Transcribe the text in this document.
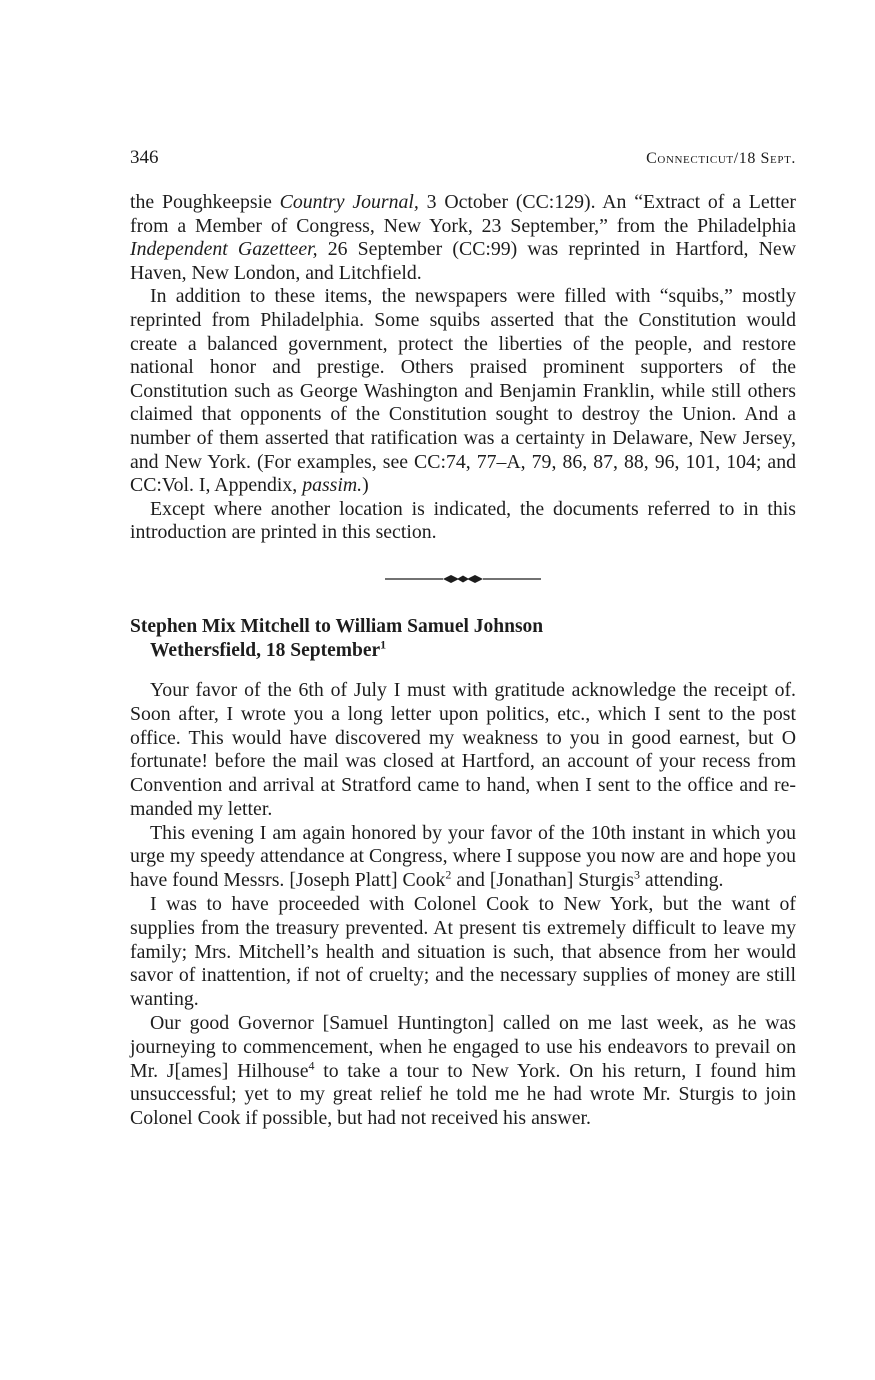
346	Connecticut/18 Sept.

the Poughkeepsie Country Journal, 3 October (CC:129). An “Extract of a Letter from a Member of Congress, New York, 23 September,” from the Philadelphia Independent Gazetteer, 26 September (CC:99) was reprinted in Hartford, New Haven, New London, and Litchfield.

In addition to these items, the newspapers were filled with “squibs,” mostly reprinted from Philadelphia. Some squibs asserted that the Constitution would create a balanced government, protect the liberties of the people, and restore national honor and prestige. Others praised prominent supporters of the Constitution such as George Washington and Benjamin Franklin, while still others claimed that opponents of the Constitution sought to destroy the Union. And a number of them asserted that ratification was a certainty in Delaware, New Jersey, and New York. (For examples, see CC:74, 77–A, 79, 86, 87, 88, 96, 101, 104; and CC:Vol. I, Appendix, passim.)

Except where another location is indicated, the documents referred to in this introduction are printed in this section.

Stephen Mix Mitchell to William Samuel Johnson
Wethersfield, 18 September$^1$

Your favor of the 6th of July I must with gratitude acknowledge the receipt of. Soon after, I wrote you a long letter upon politics, etc., which I sent to the post office. This would have discovered my weakness to you in good earnest, but O fortunate! before the mail was closed at Hartford, an account of your recess from Convention and arrival at Stratford came to hand, when I sent to the office and remanded my letter.

This evening I am again honored by your favor of the 10th instant in which you urge my speedy attendance at Congress, where I suppose you now are and hope you have found Messrs. [Joseph Platt] Cook$^2$ and [Jonathan] Sturgis$^3$ attending.

I was to have proceeded with Colonel Cook to New York, but the want of supplies from the treasury prevented. At present tis extremely difficult to leave my family; Mrs. Mitchell’s health and situation is such, that absence from her would savor of inattention, if not of cruelty; and the necessary supplies of money are still wanting.

Our good Governor [Samuel Huntington] called on me last week, as he was journeying to commencement, when he engaged to use his endeavors to prevail on Mr. J[ames] Hilhouse$^4$ to take a tour to New York. On his return, I found him unsuccessful; yet to my great relief he told me he had wrote Mr. Sturgis to join Colonel Cook if possible, but had not received his answer.
